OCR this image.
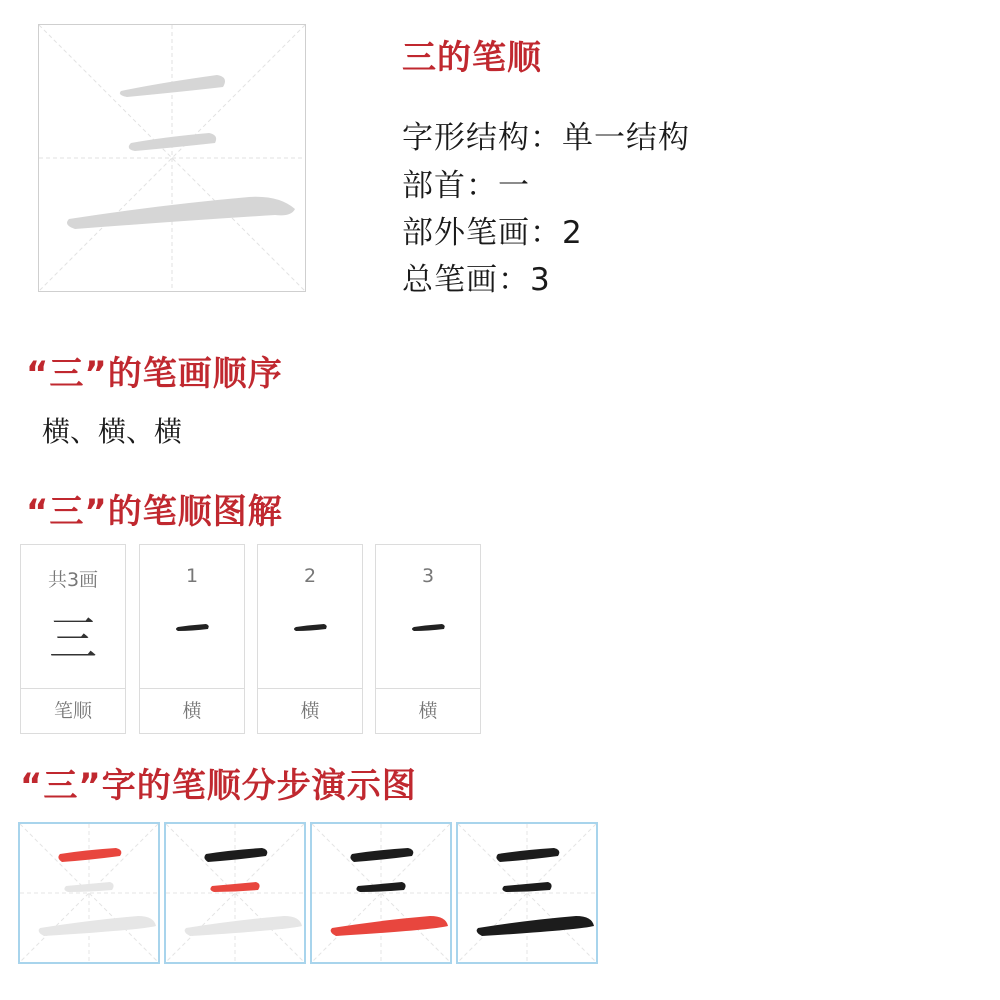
三的笔顺
字形结构：单一结构
部首：一
部外笔画：2
总笔画：3
“三”的笔画顺序
横、横、横
“三”的笔顺图解
共3画
三
笔顺
1
横
2
横
3
横
“三”字的笔顺分步演示图
